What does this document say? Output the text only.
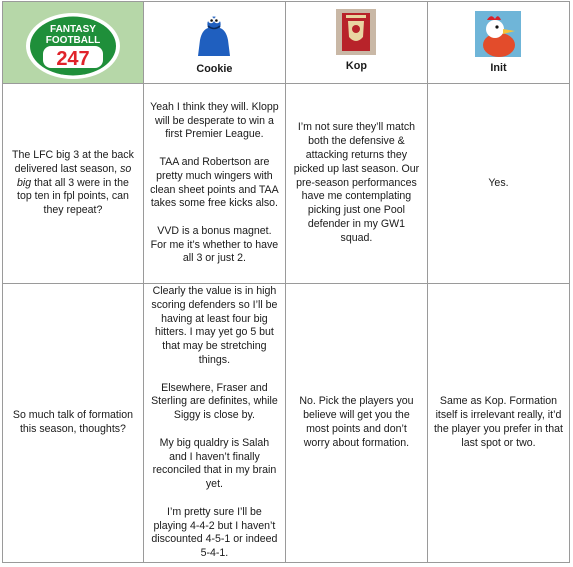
FANTASY
FOOTBALL
247	Cookie	Kop	Init

The LFC big 3 at the back delivered last season, so big that all 3 were in the top ten in fpl points, can they repeat?	Yeah I think they will. Klopp will be desperate to win a first Premier League.

TAA and Robertson are pretty much wingers with clean sheet points and TAA takes some free kicks also.

VVD is a bonus magnet. For me it’s whether to have all 3 or just 2.	I’m not sure they’ll match both the defensive & attacking returns they picked up last season. Our pre-season performances have me contemplating picking just one Pool defender in my GW1 squad.	Yes.
So much talk of formation this season, thoughts?	Clearly the value is in high scoring defenders so I’ll be having at least four big hitters. I may yet go 5 but that may be stretching things.

Elsewhere, Fraser and Sterling are definites, while Siggy is close by.

My big qualdry is Salah and I haven’t finally reconciled that in my brain yet.

I’m pretty sure I’ll be playing 4-4-2 but I haven’t discounted 4-5-1 or indeed 5-4-1.	No. Pick the players you believe will get you the most points and don’t worry about formation.	Same as Kop. Formation itself is irrelevant really, it’d the player you prefer in that last spot or two.
